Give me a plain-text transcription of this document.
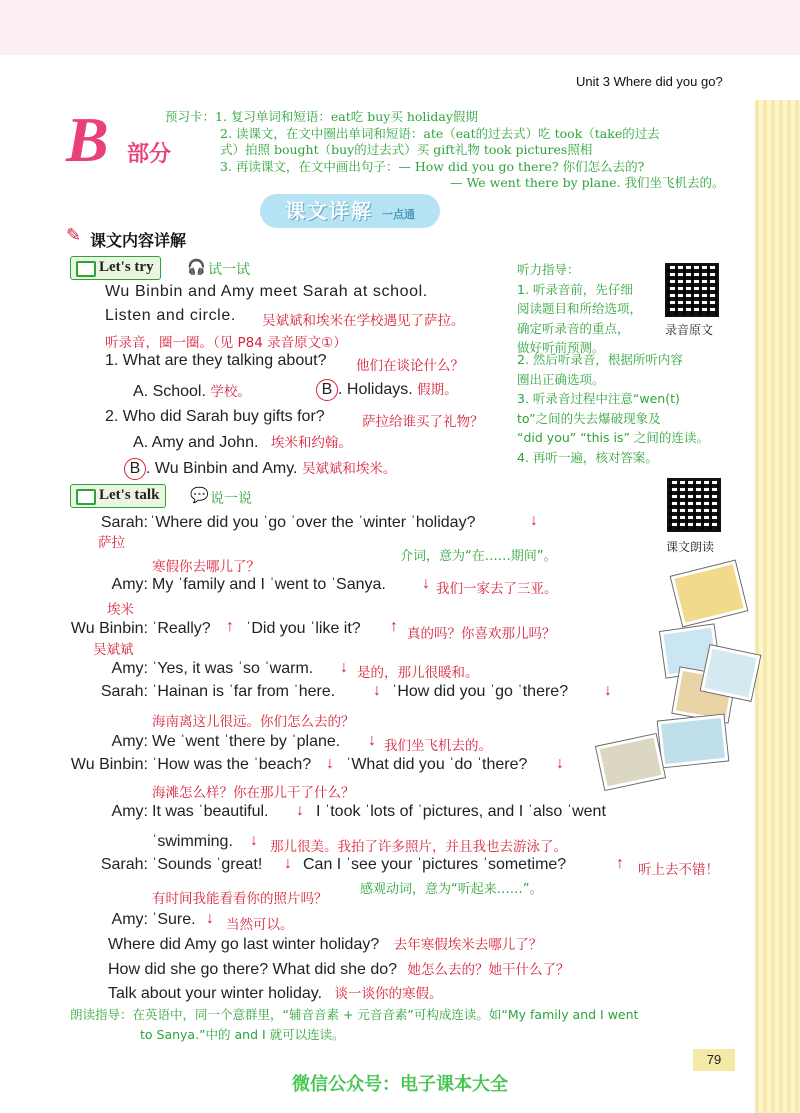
Unit 3 Where did you go?
B 部分
预习卡：1. 复习单词和短语：eat吃 buy买 holiday假期
2. 读课文，在文中圈出单词和短语：ate（eat的过去式）吃 took（take的过去
式）拍照 bought（buy的过去式）买 gift礼物 took pictures照相
3. 再读课文，在文中画出句子：— How did you go there? 你们怎么去的?
— We went there by plane. 我们坐飞机去的。
课文详解 一点通
✎ 课文内容详解
Let's try	🎧 试一试
Wu Binbin and Amy meet Sarah at school.
Listen and circle. 吴斌斌和埃米在学校遇见了萨拉。
听录音，圈一圈。（见 P84 录音原文①）
1. What are they talking about? 他们在谈论什么？
A. School. 学校。	B . Holidays. 假期。
2. Who did Sarah buy gifts for?	萨拉给谁买了礼物？
A. Amy and John. 埃米和约翰。
B . Wu Binbin and Amy. 吴斌斌和埃米。
听力指导：
1. 听录音前，先仔细
阅读题目和所给选项，
确定听录音的重点，
做好听前预测。
2. 然后听录音，根据所听内容
圈出正确选项。
3. 听录音过程中注意“wen(t)
to”之间的失去爆破现象及
“did you” “this is” 之间的连读。
4. 再听一遍，核对答案。
录音原文
课文朗读
Let's talk	💬 说一说
Sarah: ˈWhere did you ˈgo ˈover the ˈwinter ˈholiday?	↓
萨拉
寒假你去哪儿了？
介词，意为“在……期间”。
Amy: My ˈfamily and I ˈwent to ˈSanya. ↓ 我们一家去了三亚。
埃米
Wu Binbin: ˈReally? ↑ ˈDid you ˈlike it? ↑ 真的吗？你喜欢那儿吗？
吴斌斌
Amy: ˈYes, it was ˈso ˈwarm. ↓ 是的，那儿很暖和。
Sarah: ˈHainan is ˈfar from ˈhere. ↓ ˈHow did you ˈgo ˈthere? ↓
海南离这儿很远。你们怎么去的？
Amy: We ˈwent ˈthere by ˈplane. ↓ 我们坐飞机去的。
Wu Binbin: ˈHow was the ˈbeach? ↓ ˈWhat did you ˈdo ˈthere? ↓
海滩怎么样？你在那儿干了什么？
Amy: It was ˈbeautiful. ↓ I ˈtook ˈlots of ˈpictures, and I ˈalso ˈwent
ˈswimming. ↓ 那儿很美。我拍了许多照片，并且我也去游泳了。
Sarah: ˈSounds ˈgreat! ↓ Can I ˈsee your ˈpictures ˈsometime?	↑ 听上去不错！
有时间我能看看你的照片吗？
感观动词，意为“听起来……”。
Amy: ˈSure. ↓ 当然可以。
Where did Amy go last winter holiday? 去年寒假埃米去哪儿了？
How did she go there? What did she do? 她怎么去的？她干什么了？
Talk about your winter holiday. 谈一谈你的寒假。
朗读指导：在英语中，同一个意群里，“辅音音素 + 元音音素”可构成连读。如“My family and I went
to Sanya.”中的 and I 就可以连读。
79
微信公众号：电子课本大全
